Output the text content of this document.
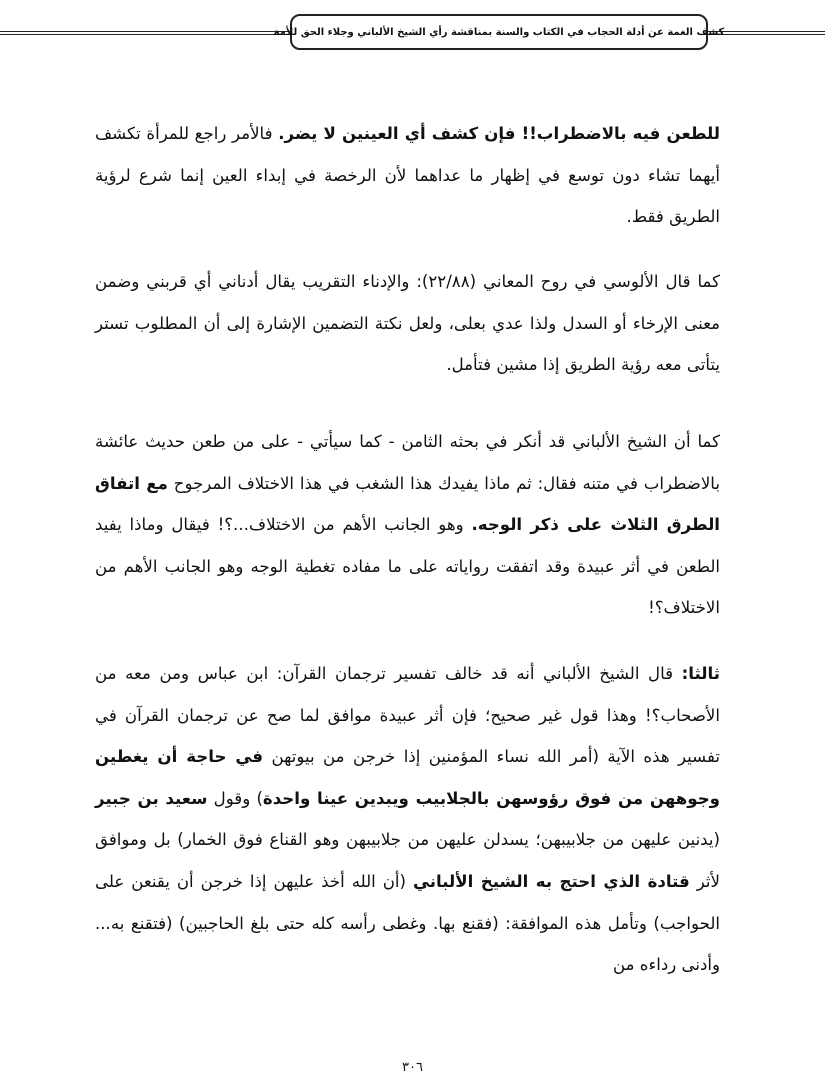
كشف الغمة عن أدلة الحجاب في الكتاب والسنة بمناقشة رأي الشيخ الألباني وجلاء الحق للأمة

للطعن فيه بالاضطراب!! فإن كشف أي العينين لا يضر. فالأمر راجع للمرأة تكشف أيهما تشاء دون توسع في إظهار ما عداهما لأن الرخصة في إبداء العين إنما شرع لرؤية الطريق فقط.

كما قال الألوسي في روح المعاني (٢٢/٨٨): والإدناء التقريب يقال أدناني أي قربني وضمن معنى الإرخاء أو السدل ولذا عدي بعلى، ولعل نكتة التضمين الإشارة إلى أن المطلوب تستر يتأتى معه رؤية الطريق إذا مشين فتأمل.

كما أن الشيخ الألباني قد أنكر في بحثه الثامن - كما سيأتي - على من طعن حديث عائشة بالاضطراب في متنه فقال: ثم ماذا يفيدك هذا الشغب في هذا الاختلاف المرجوح مع اتفاق الطرق الثلاث على ذكر الوجه. وهو الجانب الأهم من الاختلاف...؟! فيقال وماذا يفيد الطعن في أثر عبيدة وقد اتفقت رواياته على ما مفاده تغطية الوجه وهو الجانب الأهم من الاختلاف؟!

ثالثا: قال الشيخ الألباني أنه قد خالف تفسير ترجمان القرآن: ابن عباس ومن معه من الأصحاب؟! وهذا قول غير صحيح؛ فإن أثر عبيدة موافق لما صح عن ترجمان القرآن في تفسير هذه الآية (أمر الله نساء المؤمنين إذا خرجن من بيوتهن في حاجة أن يغطين وجوههن من فوق رؤوسهن بالجلابيب ويبدين عينا واحدة) وقول سعيد بن جبير (يدنين عليهن من جلابيبهن؛ يسدلن عليهن من جلابيبهن وهو القناع فوق الخمار) بل وموافق لأثر قتادة الذي احتج به الشيخ الألباني (أن الله أخذ عليهن إذا خرجن أن يقنعن على الحواجب) وتأمل هذه الموافقة: (فقنع بها. وغطى رأسه كله حتى بلغ الحاجبين) (فتقنع به... وأدنى رداءه من

٣٠٦
